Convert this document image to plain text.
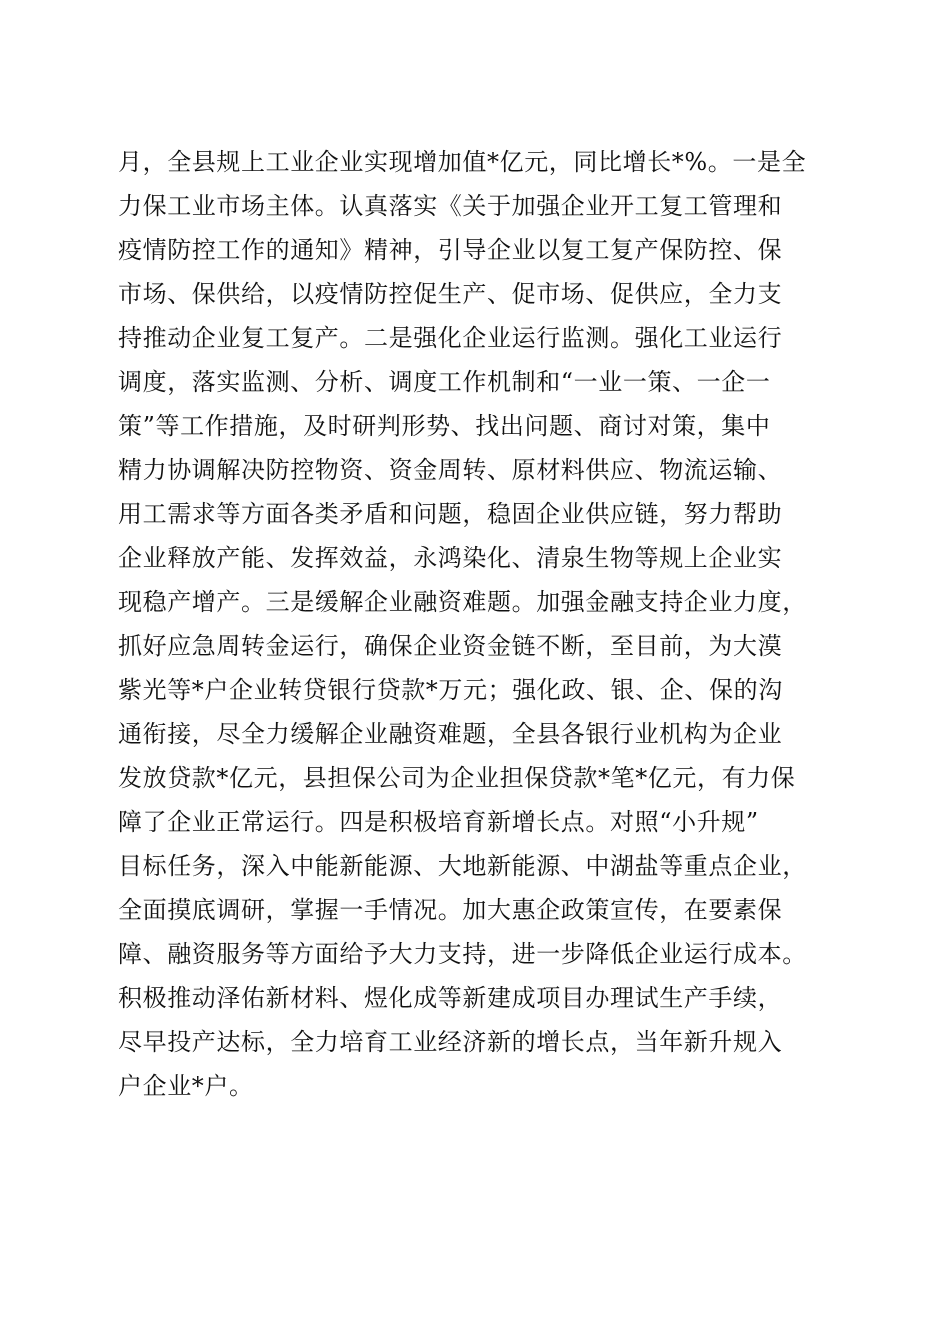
月，全县规上工业企业实现增加值*亿元，同比增长*%。一是全
力保工业市场主体。认真落实《关于加强企业开工复工管理和
疫情防控工作的通知》精神，引导企业以复工复产保防控、保
市场、保供给，以疫情防控促生产、促市场、促供应，全力支
持推动企业复工复产。二是强化企业运行监测。强化工业运行
调度，落实监测、分析、调度工作机制和“一业一策、一企一
策”等工作措施，及时研判形势、找出问题、商讨对策，集中
精力协调解决防控物资、资金周转、原材料供应、物流运输、
用工需求等方面各类矛盾和问题，稳固企业供应链，努力帮助
企业释放产能、发挥效益，永鸿染化、清泉生物等规上企业实
现稳产增产。三是缓解企业融资难题。加强金融支持企业力度，
抓好应急周转金运行，确保企业资金链不断，至目前，为大漠
紫光等*户企业转贷银行贷款*万元；强化政、银、企、保的沟
通衔接，尽全力缓解企业融资难题，全县各银行业机构为企业
发放贷款*亿元，县担保公司为企业担保贷款*笔*亿元，有力保
障了企业正常运行。四是积极培育新增长点。对照“小升规”
目标任务，深入中能新能源、大地新能源、中湖盐等重点企业，
全面摸底调研，掌握一手情况。加大惠企政策宣传，在要素保
障、融资服务等方面给予大力支持，进一步降低企业运行成本。
积极推动泽佑新材料、煜化成等新建成项目办理试生产手续，
尽早投产达标，全力培育工业经济新的增长点，当年新升规入
户企业*户。
